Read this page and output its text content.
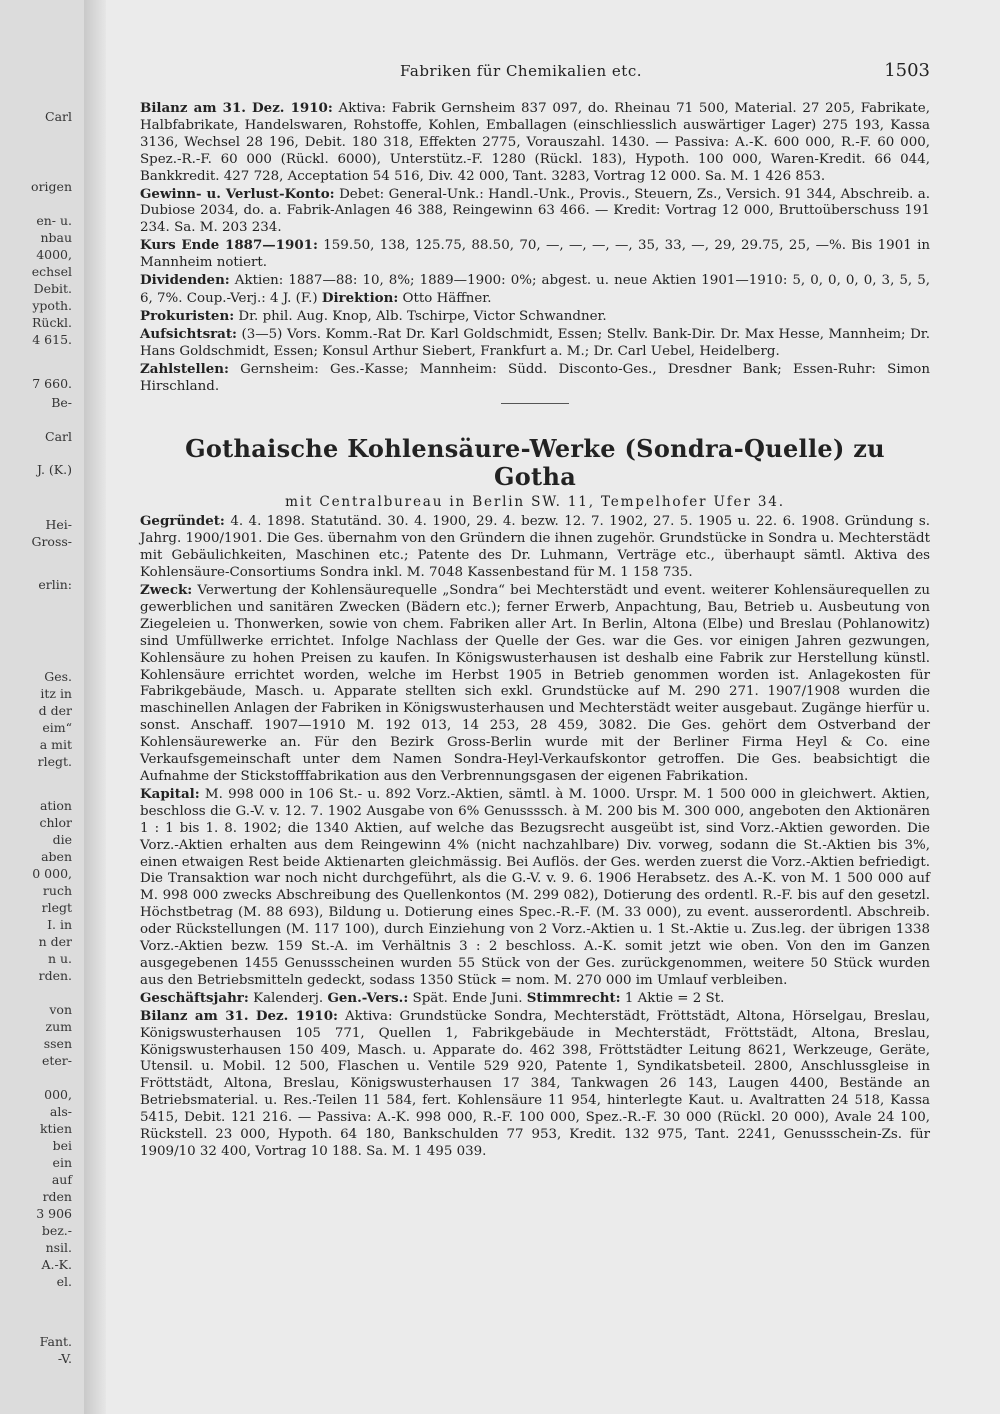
Carl
origen
en- u.
nbau
4000,
echsel
Debit.
ypoth.
Rückl.
4 615.
7 660.
Be-
Carl
J. (K.)
Hei-
Gross-
erlin:
Ges.
itz in
d der
eim“
a mit
rlegt.
ation
chlor
die
aben
0 000,
ruch
rlegt
I. in
n der
n u.
rden.
von
zum
ssen
eter-
000,
als-
ktien
bei
ein
auf
rden
3 906
bez.-
nsil.
A.-K.
el.
Fant.
-V.
Fabriken für Chemikalien etc.	1503

Bilanz am 31. Dez. 1910: Aktiva: Fabrik Gernsheim 837 097, do. Rheinau 71 500, Material. 27 205, Fabrikate, Halbfabrikate, Handelswaren, Rohstoffe, Kohlen, Emballagen (einschliesslich auswärtiger Lager) 275 193, Kassa 3136, Wechsel 28 196, Debit. 180 318, Effekten 2775, Vorauszahl. 1430. — Passiva: A.-K. 600 000, R.-F. 60 000, Spez.-R.-F. 60 000 (Rückl. 6000), Unterstütz.-F. 1280 (Rückl. 183), Hypoth. 100 000, Waren-Kredit. 66 044, Bankkredit. 427 728, Acceptation 54 516, Div. 42 000, Tant. 3283, Vortrag 12 000. Sa. M. 1 426 853.

Gewinn- u. Verlust-Konto: Debet: General-Unk.: Handl.-Unk., Provis., Steuern, Zs., Versich. 91 344, Abschreib. a. Dubiose 2034, do. a. Fabrik-Anlagen 46 388, Reingewinn 63 466. — Kredit: Vortrag 12 000, Bruttoüberschuss 191 234. Sa. M. 203 234.

Kurs Ende 1887—1901: 159.50, 138, 125.75, 88.50, 70, —, —, —, —, 35, 33, —, 29, 29.75, 25, —%. Bis 1901 in Mannheim notiert.

Dividenden: Aktien: 1887—88: 10, 8%; 1889—1900: 0%; abgest. u. neue Aktien 1901—1910: 5, 0, 0, 0, 0, 3, 5, 5, 6, 7%. Coup.-Verj.: 4 J. (F.) Direktion: Otto Häffner.

Prokuristen: Dr. phil. Aug. Knop, Alb. Tschirpe, Victor Schwandner.

Aufsichtsrat: (3—5) Vors. Komm.-Rat Dr. Karl Goldschmidt, Essen; Stellv. Bank-Dir. Dr. Max Hesse, Mannheim; Dr. Hans Goldschmidt, Essen; Konsul Arthur Siebert, Frankfurt a. M.; Dr. Carl Uebel, Heidelberg.

Zahlstellen: Gernsheim: Ges.-Kasse; Mannheim: Südd. Disconto-Ges., Dresdner Bank; Essen-Ruhr: Simon Hirschland.

Gothaische Kohlensäure-Werke (Sondra-Quelle) zu Gotha

mit Centralbureau in Berlin SW. 11, Tempelhofer Ufer 34.

Gegründet: 4. 4. 1898. Statutänd. 30. 4. 1900, 29. 4. bezw. 12. 7. 1902, 27. 5. 1905 u. 22. 6. 1908. Gründung s. Jahrg. 1900/1901. Die Ges. übernahm von den Gründern die ihnen zugehör. Grundstücke in Sondra u. Mechterstädt mit Gebäulichkeiten, Maschinen etc.; Patente des Dr. Luhmann, Verträge etc., überhaupt sämtl. Aktiva des Kohlensäure-Consortiums Sondra inkl. M. 7048 Kassenbestand für M. 1 158 735.

Zweck: Verwertung der Kohlensäurequelle „Sondra“ bei Mechterstädt und event. weiterer Kohlensäurequellen zu gewerblichen und sanitären Zwecken (Bädern etc.); ferner Erwerb, Anpachtung, Bau, Betrieb u. Ausbeutung von Ziegeleien u. Thonwerken, sowie von chem. Fabriken aller Art. In Berlin, Altona (Elbe) und Breslau (Pohlanowitz) sind Umfüllwerke errichtet. Infolge Nachlass der Quelle der Ges. war die Ges. vor einigen Jahren gezwungen, Kohlensäure zu hohen Preisen zu kaufen. In Königswusterhausen ist deshalb eine Fabrik zur Herstellung künstl. Kohlensäure errichtet worden, welche im Herbst 1905 in Betrieb genommen worden ist. Anlagekosten für Fabrikgebäude, Masch. u. Apparate stellten sich exkl. Grundstücke auf M. 290 271. 1907/1908 wurden die maschinellen Anlagen der Fabriken in Königswusterhausen und Mechterstädt weiter ausgebaut. Zugänge hierfür u. sonst. Anschaff. 1907—1910 M. 192 013, 14 253, 28 459, 3082. Die Ges. gehört dem Ostverband der Kohlensäurewerke an. Für den Bezirk Gross-Berlin wurde mit der Berliner Firma Heyl & Co. eine Verkaufsgemeinschaft unter dem Namen Sondra-Heyl-Verkaufskontor getroffen. Die Ges. beabsichtigt die Aufnahme der Stickstofffabrikation aus den Verbrennungsgasen der eigenen Fabrikation.

Kapital: M. 998 000 in 106 St.- u. 892 Vorz.-Aktien, sämtl. à M. 1000. Urspr. M. 1 500 000 in gleichwert. Aktien, beschloss die G.-V. v. 12. 7. 1902 Ausgabe von 6% Genussssch. à M. 200 bis M. 300 000, angeboten den Aktionären 1 : 1 bis 1. 8. 1902; die 1340 Aktien, auf welche das Bezugsrecht ausgeübt ist, sind Vorz.-Aktien geworden. Die Vorz.-Aktien erhalten aus dem Reingewinn 4% (nicht nachzahlbare) Div. vorweg, sodann die St.-Aktien bis 3%, einen etwaigen Rest beide Aktienarten gleichmässig. Bei Auflös. der Ges. werden zuerst die Vorz.-Aktien befriedigt. Die Transaktion war noch nicht durchgeführt, als die G.-V. v. 9. 6. 1906 Herabsetz. des A.-K. von M. 1 500 000 auf M. 998 000 zwecks Abschreibung des Quellenkontos (M. 299 082), Dotierung des ordentl. R.-F. bis auf den gesetzl. Höchstbetrag (M. 88 693), Bildung u. Dotierung eines Spec.-R.-F. (M. 33 000), zu event. ausserordentl. Abschreib. oder Rückstellungen (M. 117 100), durch Einziehung von 2 Vorz.-Aktien u. 1 St.-Aktie u. Zus.leg. der übrigen 1338 Vorz.-Aktien bezw. 159 St.-A. im Verhältnis 3 : 2 beschloss. A.-K. somit jetzt wie oben. Von den im Ganzen ausgegebenen 1455 Genussscheinen wurden 55 Stück von der Ges. zurückgenommen, weitere 50 Stück wurden aus den Betriebsmitteln gedeckt, sodass 1350 Stück = nom. M. 270 000 im Umlauf verbleiben.

Geschäftsjahr: Kalenderj. Gen.-Vers.: Spät. Ende Juni. Stimmrecht: 1 Aktie = 2 St.

Bilanz am 31. Dez. 1910: Aktiva: Grundstücke Sondra, Mechterstädt, Fröttstädt, Altona, Hörselgau, Breslau, Königswusterhausen 105 771, Quellen 1, Fabrikgebäude in Mechterstädt, Fröttstädt, Altona, Breslau, Königswusterhausen 150 409, Masch. u. Apparate do. 462 398, Fröttstädter Leitung 8621, Werkzeuge, Geräte, Utensil. u. Mobil. 12 500, Flaschen u. Ventile 529 920, Patente 1, Syndikatsbeteil. 2800, Anschlussgleise in Fröttstädt, Altona, Breslau, Königswusterhausen 17 384, Tankwagen 26 143, Laugen 4400, Bestände an Betriebsmaterial. u. Res.-Teilen 11 584, fert. Kohlensäure 11 954, hinterlegte Kaut. u. Avaltratten 24 518, Kassa 5415, Debit. 121 216. — Passiva: A.-K. 998 000, R.-F. 100 000, Spez.-R.-F. 30 000 (Rückl. 20 000), Avale 24 100, Rückstell. 23 000, Hypoth. 64 180, Bankschulden 77 953, Kredit. 132 975, Tant. 2241, Genussschein-Zs. für 1909/10 32 400, Vortrag 10 188. Sa. M. 1 495 039.
